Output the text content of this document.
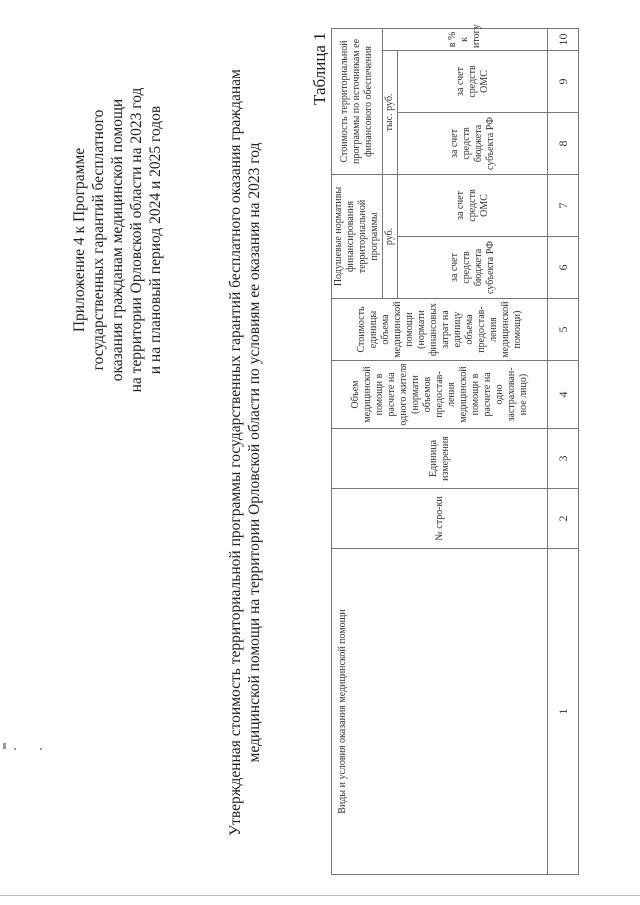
Приложение 4 к Программе государственных гарантий бесплатного оказания гражданам медицинской помощи на территории Орловской области на 2023 год и на плановый период 2024 и 2025 годов	Утвержденная стоимость территориальной программы государственных гарантий бесплатного оказания гражданам медицинской помощи на территории Орловской области по условиям ее оказания на 2023 год
Таблица 1
Виды и условия оказания медицинской помощи	№ стро-ки	Единица измерения	Объем медицинской помощи в расчете на одного жителя (нормати объемов предостав-ления медицинской помощи в расчете на одно застрахован-ное лицо)	Стоимость единицы объема медицинской помощи (нормати финансовых затрат на единицу объема предостав-ления медицинской помощи)	Подушевые нормативы финансирования территориальной программы		Стоимость территориальной программы по источникам ее финансового обеспечения		
					руб.		тыс. руб.		в % к итогу
					за счет средств бюджета субъекта РФ	за счет средств ОМС	за счет средств бюджета субъекта РФ	за счет средств ОМС	
1	2	3	4	5	6	7	8	9	10
